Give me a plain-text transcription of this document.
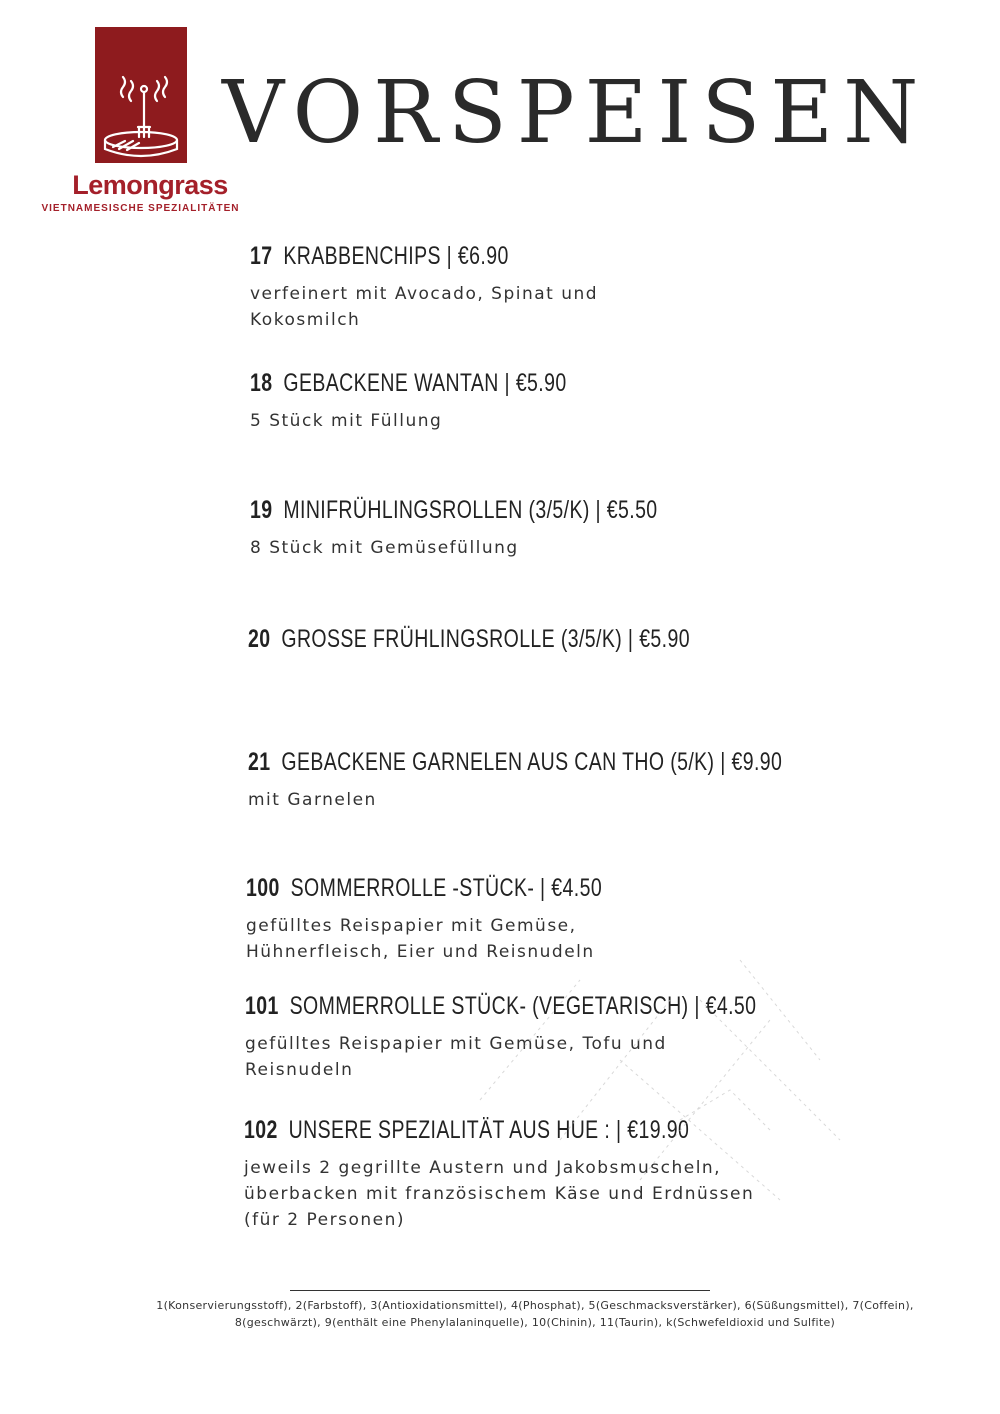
Lemongrass
VIETNAMESISCHE SPEZIALITÄTEN
VORSPEISEN
17 KRABBENCHIPS | €6.90
verfeinert mit Avocado, Spinat und
Kokosmilch
18 GEBACKENE WANTAN | €5.90
5 Stück mit Füllung
19 MINIFRÜHLINGSROLLEN (3/5/K) | €5.50
8 Stück mit Gemüsefüllung
20 GROSSE FRÜHLINGSROLLE (3/5/K) | €5.90
21 GEBACKENE GARNELEN AUS CAN THO (5/K) | €9.90
mit Garnelen
100 SOMMERROLLE -STÜCK- | €4.50
gefülltes Reispapier mit Gemüse,
Hühnerfleisch, Eier und Reisnudeln
101 SOMMERROLLE STÜCK- (VEGETARISCH) | €4.50
gefülltes Reispapier mit Gemüse, Tofu und
Reisnudeln
102 UNSERE SPEZIALITÄT AUS HUE : | €19.90
jeweils 2 gegrillte Austern und Jakobsmuscheln,
überbacken mit französischem Käse und Erdnüssen
(für 2 Personen)
1(Konservierungsstoff), 2(Farbstoff), 3(Antioxidationsmittel), 4(Phosphat), 5(Geschmacksverstärker), 6(Süßungsmittel), 7(Coffein), 8(geschwärzt), 9(enthält eine Phenylalaninquelle), 10(Chinin), 11(Taurin), k(Schwefeldioxid und Sulfite)
